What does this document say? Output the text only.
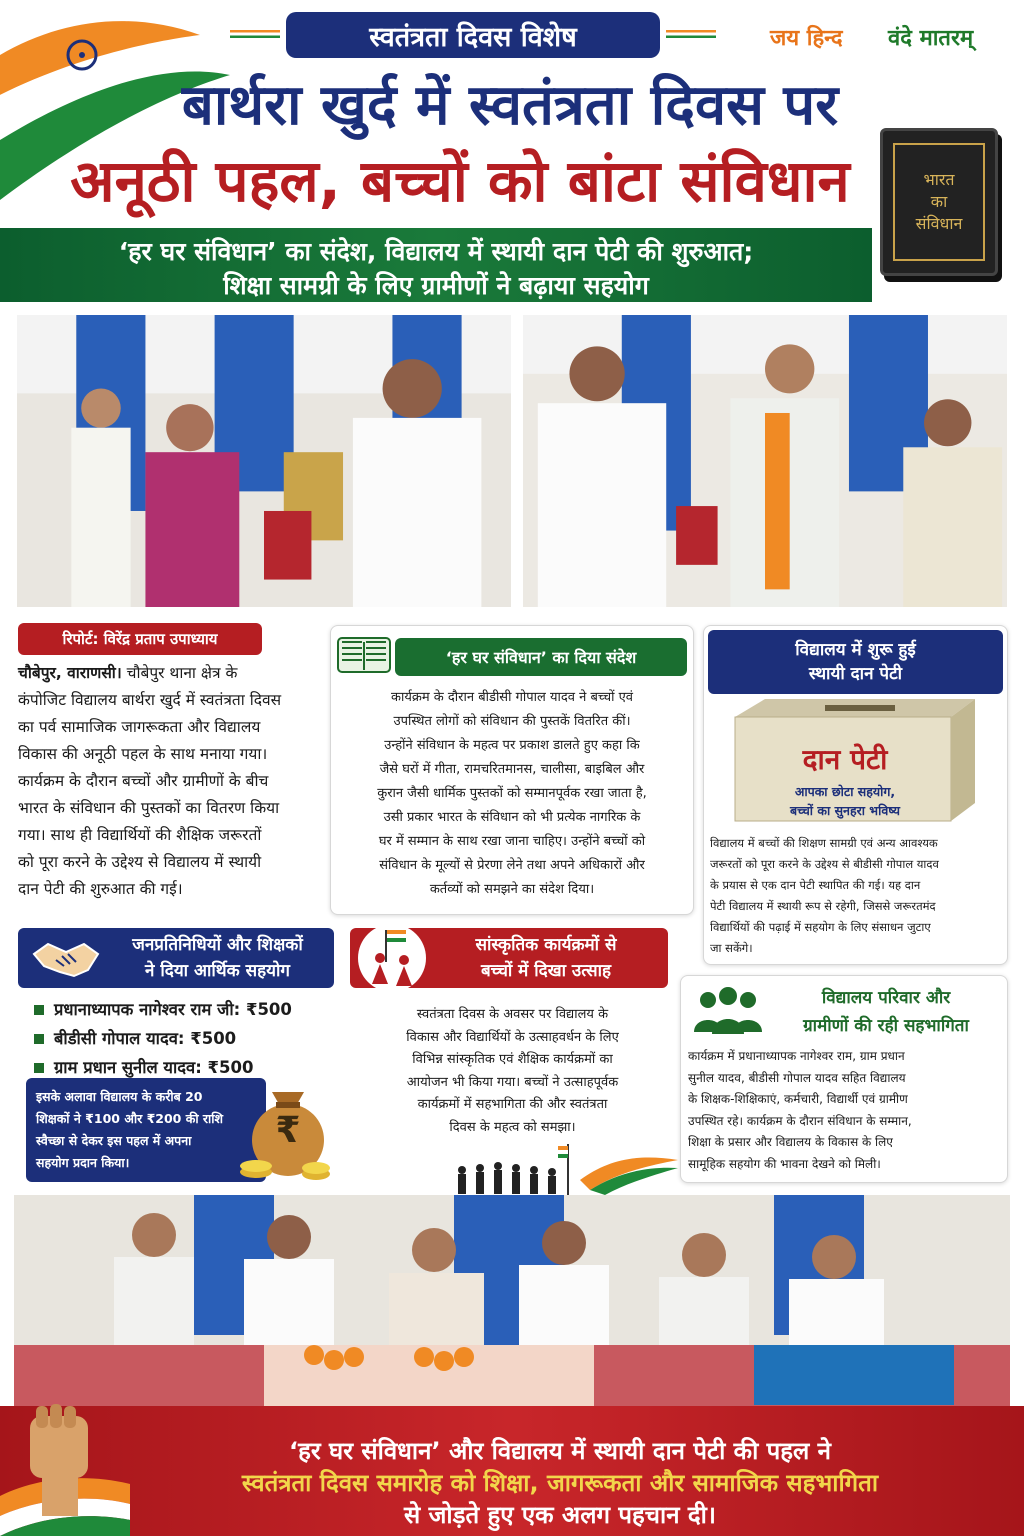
स्वतंत्रता दिवस विशेष	जय हिन्द वंदे मातरम्
बार्थरा खुर्द में स्वतंत्रता दिवस पर
अनूठी पहल, बच्चों को बांटा संविधान	भारत
का
संविधान
‘हर घर संविधान’ का संदेश, विद्यालय में स्थायी दान पेटी की शुरुआत;
शिक्षा सामग्री के लिए ग्रामीणों ने बढ़ाया सहयोग
रिपोर्ट: विरेंद्र प्रताप उपाध्याय
चौबेपुर, वाराणसी। चौबेपुर थाना क्षेत्र के
कंपोजिट विद्यालय बार्थरा खुर्द में स्वतंत्रता दिवस
का पर्व सामाजिक जागरूकता और विद्यालय
विकास की अनूठी पहल के साथ मनाया गया।
कार्यक्रम के दौरान बच्चों और ग्रामीणों के बीच
भारत के संविधान की पुस्तकों का वितरण किया
गया। साथ ही विद्यार्थियों की शैक्षिक जरूरतों
को पूरा करने के उद्देश्य से विद्यालय में स्थायी
दान पेटी की शुरुआत की गई।
‘हर घर संविधान’ का दिया संदेश
कार्यक्रम के दौरान बीडीसी गोपाल यादव ने बच्चों एवं
उपस्थित लोगों को संविधान की पुस्तकें वितरित कीं।
उन्होंने संविधान के महत्व पर प्रकाश डालते हुए कहा कि
जैसे घरों में गीता, रामचरितमानस, चालीसा, बाइबिल और
कुरान जैसी धार्मिक पुस्तकों को सम्मानपूर्वक रखा जाता है,
उसी प्रकार भारत के संविधान को भी प्रत्येक नागरिक के
घर में सम्मान के साथ रखा जाना चाहिए। उन्होंने बच्चों को
संविधान के मूल्यों से प्रेरणा लेने तथा अपने अधिकारों और
कर्तव्यों को समझने का संदेश दिया।
विद्यालय में शुरू हुई
स्थायी दान पेटी
दान पेटी
आपका छोटा सहयोग,
बच्चों का सुनहरा भविष्य
विद्यालय में बच्चों की शिक्षण सामग्री एवं अन्य आवश्यक
जरूरतों को पूरा करने के उद्देश्य से बीडीसी गोपाल यादव
के प्रयास से एक दान पेटी स्थापित की गई। यह दान
पेटी विद्यालय में स्थायी रूप से रहेगी, जिससे जरूरतमंद
विद्यार्थियों की पढ़ाई में सहयोग के लिए संसाधन जुटाए
जा सकेंगे।
जनप्रतिनिधियों और शिक्षकों
ने दिया आर्थिक सहयोग
प्रधानाध्यापक नागेश्वर राम जी: ₹500
बीडीसी गोपाल यादव: ₹500
ग्राम प्रधान सुनील यादव: ₹500
इसके अलावा विद्यालय के करीब 20
शिक्षकों ने ₹100 और ₹200 की राशि
स्वैच्छा से देकर इस पहल में अपना
सहयोग प्रदान किया।
₹
सांस्कृतिक कार्यक्रमों से
बच्चों में दिखा उत्साह
स्वतंत्रता दिवस के अवसर पर विद्यालय के
विकास और विद्यार्थियों के उत्साहवर्धन के लिए
विभिन्न सांस्कृतिक एवं शैक्षिक कार्यक्रमों का
आयोजन भी किया गया। बच्चों ने उत्साहपूर्वक
कार्यक्रमों में सहभागिता की और स्वतंत्रता
दिवस के महत्व को समझा।
विद्यालय परिवार और
ग्रामीणों की रही सहभागिता
कार्यक्रम में प्रधानाध्यापक नागेश्वर राम, ग्राम प्रधान
सुनील यादव, बीडीसी गोपाल यादव सहित विद्यालय
के शिक्षक-शिक्षिकाएं, कर्मचारी, विद्यार्थी एवं ग्रामीण
उपस्थित रहे। कार्यक्रम के दौरान संविधान के सम्मान,
शिक्षा के प्रसार और विद्यालय के विकास के लिए
सामूहिक सहयोग की भावना देखने को मिली।
‘हर घर संविधान’ और विद्यालय में स्थायी दान पेटी की पहल ने
स्वतंत्रता दिवस समारोह को शिक्षा, जागरूकता और सामाजिक सहभागिता
से जोड़ते हुए एक अलग पहचान दी।
